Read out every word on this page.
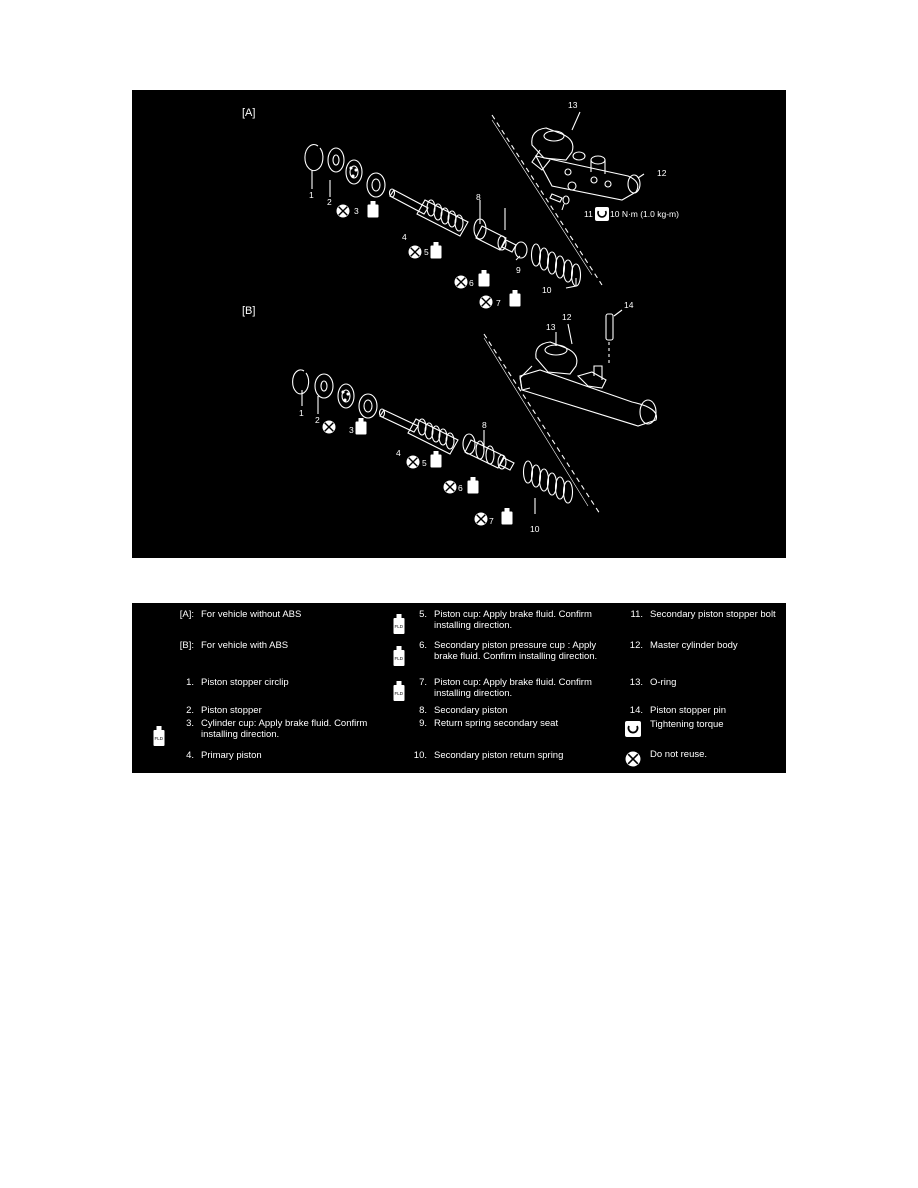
[A]
[B]
1
2
3
4
5
6
7
8
9
10
11
12
13
10 N·m (1.0 kg-m)
FLD
FLD
FLD
FLD
1
2
3
4
5
6
7
8
10
12
13
14
FLD
FLD
FLD
FLD
[A]: For vehicle without ABS
[B]: For vehicle with ABS
1. Piston stopper circlip
2. Piston stopper
3. Cylinder cup: Apply brake fluid. Confirm installing direction.
4. Primary piston
5. Piston cup: Apply brake fluid. Confirm installing direction.
6. Secondary piston pressure cup : Apply brake fluid. Confirm installing direction.
7. Piston cup: Apply brake fluid. Confirm installing direction.
8. Secondary piston
9. Return spring secondary seat
10. Secondary piston return spring
11. Secondary piston stopper bolt
12. Master cylinder body
13. O-ring
14. Piston stopper pin
Tightening torque
Do not reuse.
FLD
FLD
FLD
FLD
